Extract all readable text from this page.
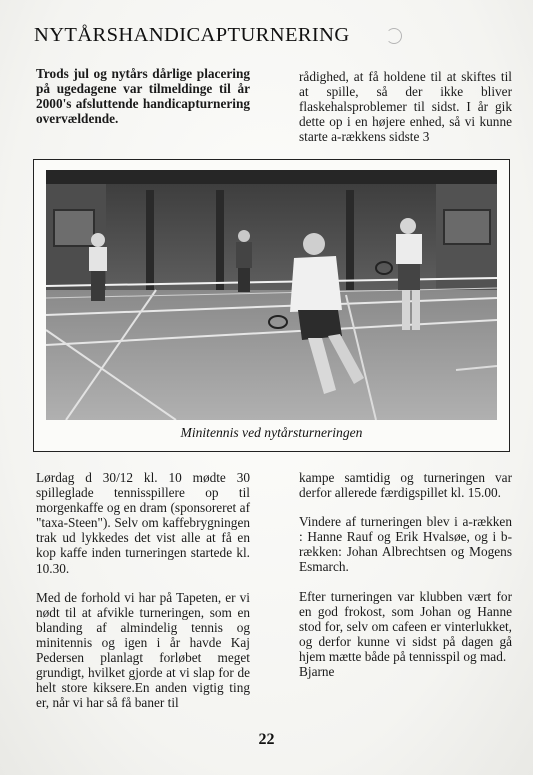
NYTÅRSHANDICAPTURNERING
Trods jul og nytårs dårlige placering på ugedagene var tilmeldinge til år 2000's afsluttende handicapturnering overvældende.
rådighed, at få holdene til at skiftes til at spille, så der ikke bliver flaskehalsproblemer til sidst. I år gik dette op i en højere enhed, så vi kunne starte a-rækkens sidste 3
Minitennis ved nytårsturneringen

Lørdag d 30/12 kl. 10 mødte 30 spilleglade tennisspillere op til morgenkaffe og en dram (sponsoreret af "taxa-Steen"). Selv om kaffebrygningen trak ud lykkedes det vist alle at få en kop kaffe inden turneringen startede kl. 10.30.

Med de forhold vi har på Tapeten, er vi nødt til at afvikle turneringen, som en blanding af almindelig tennis og minitennis og igen i år havde Kaj Pedersen planlagt forløbet meget grundigt, hvilket gjorde at vi slap for de helt store kiksere.En anden vigtig ting er, når vi har så få baner til

kampe samtidig og turneringen var derfor allerede færdigspillet kl. 15.00.

Vindere af turneringen blev i a-rækken : Hanne Rauf og Erik Hvalsøe, og i b-rækken: Johan Albrechtsen og Mogens Esmarch.

Efter turneringen var klubben vært for en god frokost, som Johan og Hanne stod for, selv om cafeen er vinterlukket, og derfor kunne vi sidst på dagen gå hjem mætte både på tennisspil og mad.

Bjarne

22
